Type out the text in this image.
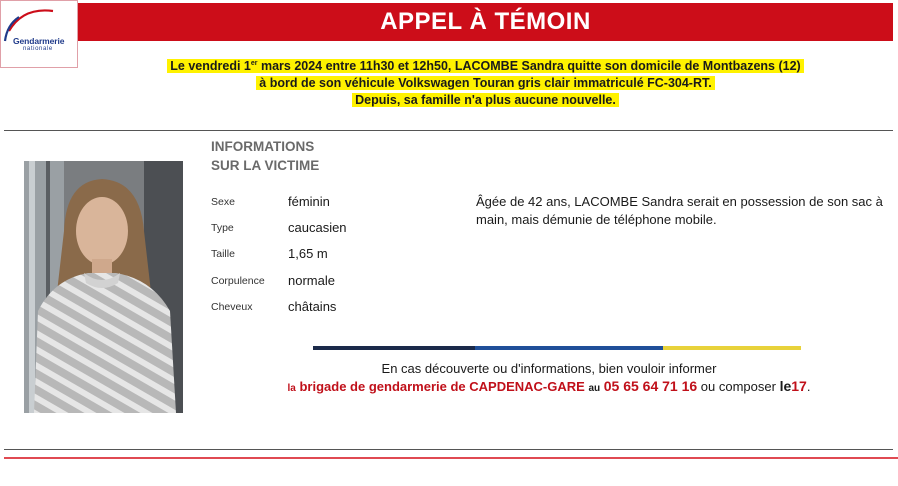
Gendarmerie
nationale
APPEL À TÉMOIN
Le vendredi 1er mars 2024 entre 11h30 et 12h50, LACOMBE Sandra quitte son domicile de Montbazens (12)
à bord de son véhicule Volkswagen Touran gris clair immatriculé FC-304-RT.
Depuis, sa famille n'a plus aucune nouvelle.
INFORMATIONS
SUR LA VICTIME
Sexe	féminin
Type	caucasien
Taille	1,65 m
Corpulence normale
Cheveux	châtains
Âgée de 42 ans, LACOMBE Sandra serait en possession de son sac à main, mais démunie de téléphone mobile.
En cas découverte ou d'informations, bien vouloir informer
la brigade de gendarmerie de CAPDENAC-GARE au 05 65 64 71 16 ou composer le17.
